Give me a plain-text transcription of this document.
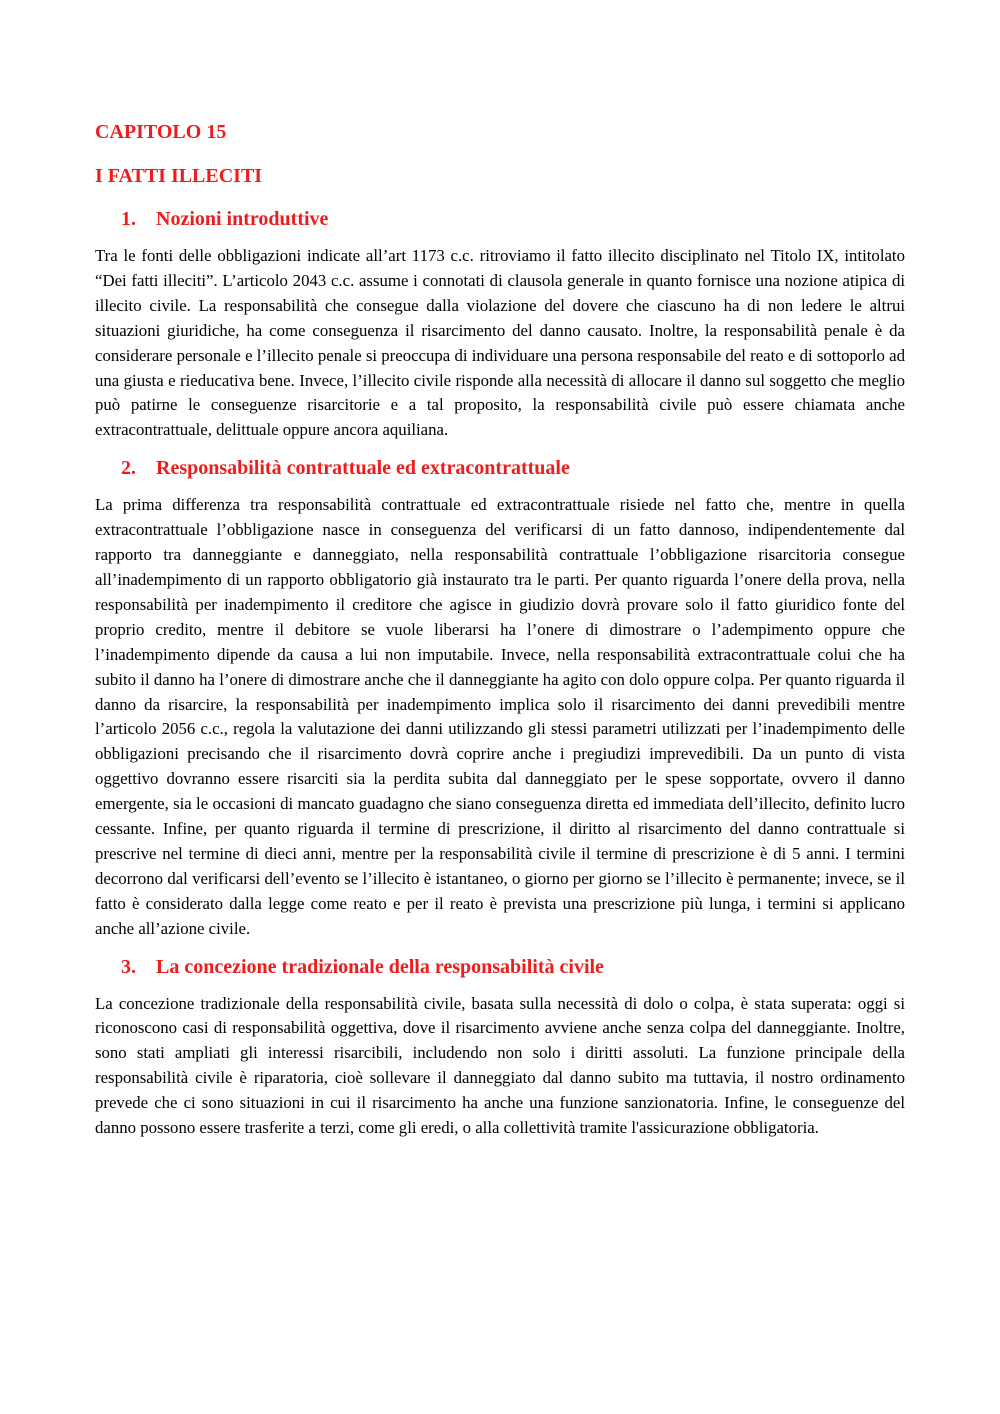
CAPITOLO 15
I FATTI ILLECITI
1.	Nozioni introduttive

Tra le fonti delle obbligazioni indicate all’art 1173 c.c. ritroviamo il fatto illecito disciplinato nel Titolo IX, intitolato “Dei fatti illeciti”. L’articolo 2043 c.c. assume i connotati di clausola generale in quanto fornisce una nozione atipica di illecito civile. La responsabilità che consegue dalla violazione del dovere che ciascuno ha di non ledere le altrui situazioni giuridiche, ha come conseguenza il risarcimento del danno causato. Inoltre, la responsabilità penale è da considerare personale e l’illecito penale si preoccupa di individuare una persona responsabile del reato e di sottoporlo ad una giusta e rieducativa bene. Invece, l’illecito civile risponde alla necessità di allocare il danno sul soggetto che meglio può patirne le conseguenze risarcitorie e a tal proposito, la responsabilità civile può essere chiamata anche extracontrattuale, delittuale oppure ancora aquiliana.

2.	Responsabilità contrattuale ed extracontrattuale

La prima differenza tra responsabilità contrattuale ed extracontrattuale risiede nel fatto che, mentre in quella extracontrattuale l’obbligazione nasce in conseguenza del verificarsi di un fatto dannoso, indipendentemente dal rapporto tra danneggiante e danneggiato, nella responsabilità contrattuale l’obbligazione risarcitoria consegue all’inadempimento di un rapporto obbligatorio già instaurato tra le parti. Per quanto riguarda l’onere della prova, nella responsabilità per inadempimento il creditore che agisce in giudizio dovrà provare solo il fatto giuridico fonte del proprio credito, mentre il debitore se vuole liberarsi ha l’onere di dimostrare o l’adempimento oppure che l’inadempimento dipende da causa a lui non imputabile. Invece, nella responsabilità extracontrattuale colui che ha subito il danno ha l’onere di dimostrare anche che il danneggiante ha agito con dolo oppure colpa. Per quanto riguarda il danno da risarcire, la responsabilità per inadempimento implica solo il risarcimento dei danni prevedibili mentre l’articolo 2056 c.c., regola la valutazione dei danni utilizzando gli stessi parametri utilizzati per l’inadempimento delle obbligazioni precisando che il risarcimento dovrà coprire anche i pregiudizi imprevedibili. Da un punto di vista oggettivo dovranno essere risarciti sia la perdita subita dal danneggiato per le spese sopportate, ovvero il danno emergente, sia le occasioni di mancato guadagno che siano conseguenza diretta ed immediata dell’illecito, definito lucro cessante. Infine, per quanto riguarda il termine di prescrizione, il diritto al risarcimento del danno contrattuale si prescrive nel termine di dieci anni, mentre per la responsabilità civile il termine di prescrizione è di 5 anni. I termini decorrono dal verificarsi dell’evento se l’illecito è istantaneo, o giorno per giorno se l’illecito è permanente; invece, se il fatto è considerato dalla legge come reato e per il reato è prevista una prescrizione più lunga, i termini si applicano anche all’azione civile.

3.	La concezione tradizionale della responsabilità civile

La concezione tradizionale della responsabilità civile, basata sulla necessità di dolo o colpa, è stata superata: oggi si riconoscono casi di responsabilità oggettiva, dove il risarcimento avviene anche senza colpa del danneggiante. Inoltre, sono stati ampliati gli interessi risarcibili, includendo non solo i diritti assoluti. La funzione principale della responsabilità civile è riparatoria, cioè sollevare il danneggiato dal danno subito ma tuttavia, il nostro ordinamento prevede che ci sono situazioni in cui il risarcimento ha anche una funzione sanzionatoria. Infine, le conseguenze del danno possono essere trasferite a terzi, come gli eredi, o alla collettività tramite l'assicurazione obbligatoria.
